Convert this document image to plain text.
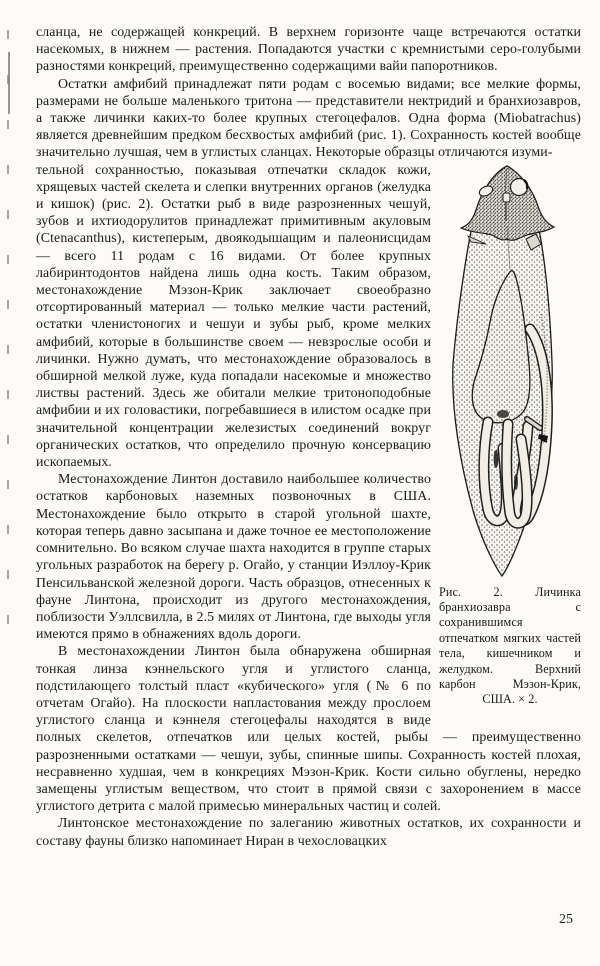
сланца, не содержащей конкреций. В верхнем горизонте чаще встречаются остатки насекомых, в нижнем — растения. Попадаются участки с кремнистыми серо-голубыми разностями конкреций, преимущественно содержащими вайи папоротников.

Остатки амфибий принадлежат пяти родам с восемью видами; все мелкие формы, размерами не больше маленького тритона — представители нектридий и бранхиозавров, а также личинки каких-то более крупных стегоцефалов. Одна форма (Miobatrachus) является древнейшим предком бесхвостых амфибий (рис. 1). Сохранность костей вообще значительно лучшая, чем в углистых сланцах. Некоторые образцы отличаются изуми-

Рис. 2. Личинка бранхиозавра с сохранившимся отпечатком мягких частей тела, кишечником и желудком. Верхний карбон Мэзон-Крик, США. × 2.

тельной сохранностью, показывая отпечатки складок кожи, хрящевых частей скелета и слепки внутренних органов (желудка и кишок) (рис. 2). Остатки рыб в виде разрозненных чешуй, зубов и ихтиодорулитов принадлежат примитивным акуловым (Ctenacanthus), кистеперым, двоякодышащим и палеонисцидам — всего 11 родам с 16 видами. От более крупных лабиринтодонтов найдена лишь одна кость. Таким образом, местонахождение Мэзон-Крик заключает своеобразно отсортированный материал — только мелкие части растений, остатки членистоногих и чешуи и зубы рыб, кроме мелких амфибий, которые в большинстве своем — невзрослые особи и личинки. Нужно думать, что местонахождение образовалось в обширной мелкой луже, куда попадали насекомые и множество листвы растений. Здесь же обитали мелкие тритоноподобные амфибии и их головастики, погребавшиеся в илистом осадке при значительной концентрации железистых соединений вокруг органических остатков, что определило прочную консервацию ископаемых.

Местонахождение Линтон доставило наибольшее количество остатков карбоновых наземных позвоночных в США. Местонахождение было открыто в старой угольной шахте, которая теперь давно засыпана и даже точное ее местоположение сомнительно. Во всяком случае шахта находится в группе старых угольных разработок на берегу р. Огайо, у станции Иэллоу-Крик Пенсильванской железной дороги. Часть образцов, отнесенных к фауне Линтона, происходит из другого местонахождения, поблизости Уэллсвилла, в 2.5 милях от Линтона, где выходы угля имеются прямо в обнажениях вдоль дороги.

В местонахождении Линтон была обнаружена обширная тонкая линза кэннельского угля и углистого сланца, подстилающего толстый пласт «кубического» угля (№ 6 по отчетам Огайо). На плоскости напластования между прослоем углистого сланца и кэннеля стегоцефалы находятся в виде полных скелетов, отпечатков или целых костей, рыбы — преимущественно разрозненными остатками — чешуи, зубы, спинные шипы. Сохранность костей плохая, несравненно худшая, чем в конкрециях Мэзон-Крик. Кости сильно обуглены, нередко замещены углистым веществом, что стоит в прямой связи с захоронением в массе углистого детрита с малой примесью минеральных частиц и солей.

Линтонское местонахождение по залеганию животных остатков, их сохранности и составу фауны близко напоминает Ниран в чехословацких

25
